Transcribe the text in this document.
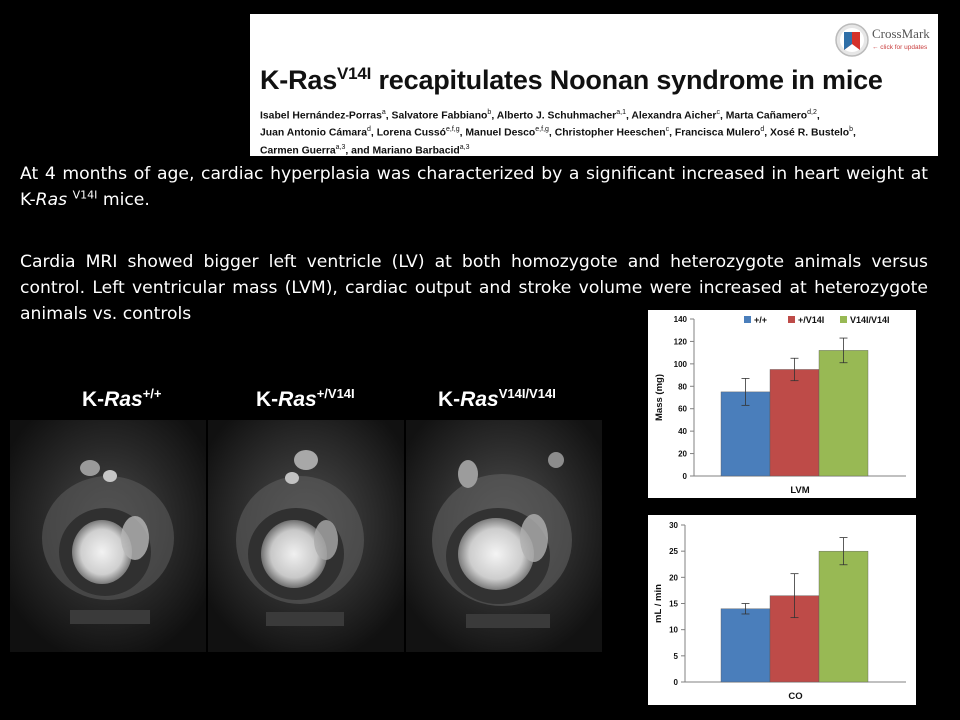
CrossMark
← click for updates
K-Ras$^{V14I}$ recapitulates Noonan syndrome in mice
Isabel Hernández-Porras$^a$, Salvatore Fabbiano$^b$, Alberto J. Schuhmacher$^{a,1}$, Alexandra Aicher$^c$, Marta Cañamero$^{d,2}$,
Juan Antonio Cámara$^d$, Lorena Cussó$^{e,f,g}$, Manuel Desco$^{e,f,g}$, Christopher Heeschen$^c$, Francisca Mulero$^d$, Xosé R. Bustelo$^b$,
Carmen Guerra$^{a,3}$, and Mariano Barbacid$^{a,3}$
At 4 months of age, cardiac hyperplasia was characterized by a significant increased in heart weight at K-Ras $^{V14I}$ mice.
Cardia MRI showed bigger left ventricle (LV) at both homozygote and heterozygote animals versus control. Left ventricular mass (LVM), cardiac output and stroke volume were increased at heterozygote animals vs. controls
K-Ras+/+	K-Ras$^{+/V14I}$	K-Ras$^{V14I/V14I}$
0
20
40
60
80
100
120
140
Mass (mg)
LVM
+/+	+/V14I	V14I/V14I
0
5
10
15
20
25
30
mL / min
CO
